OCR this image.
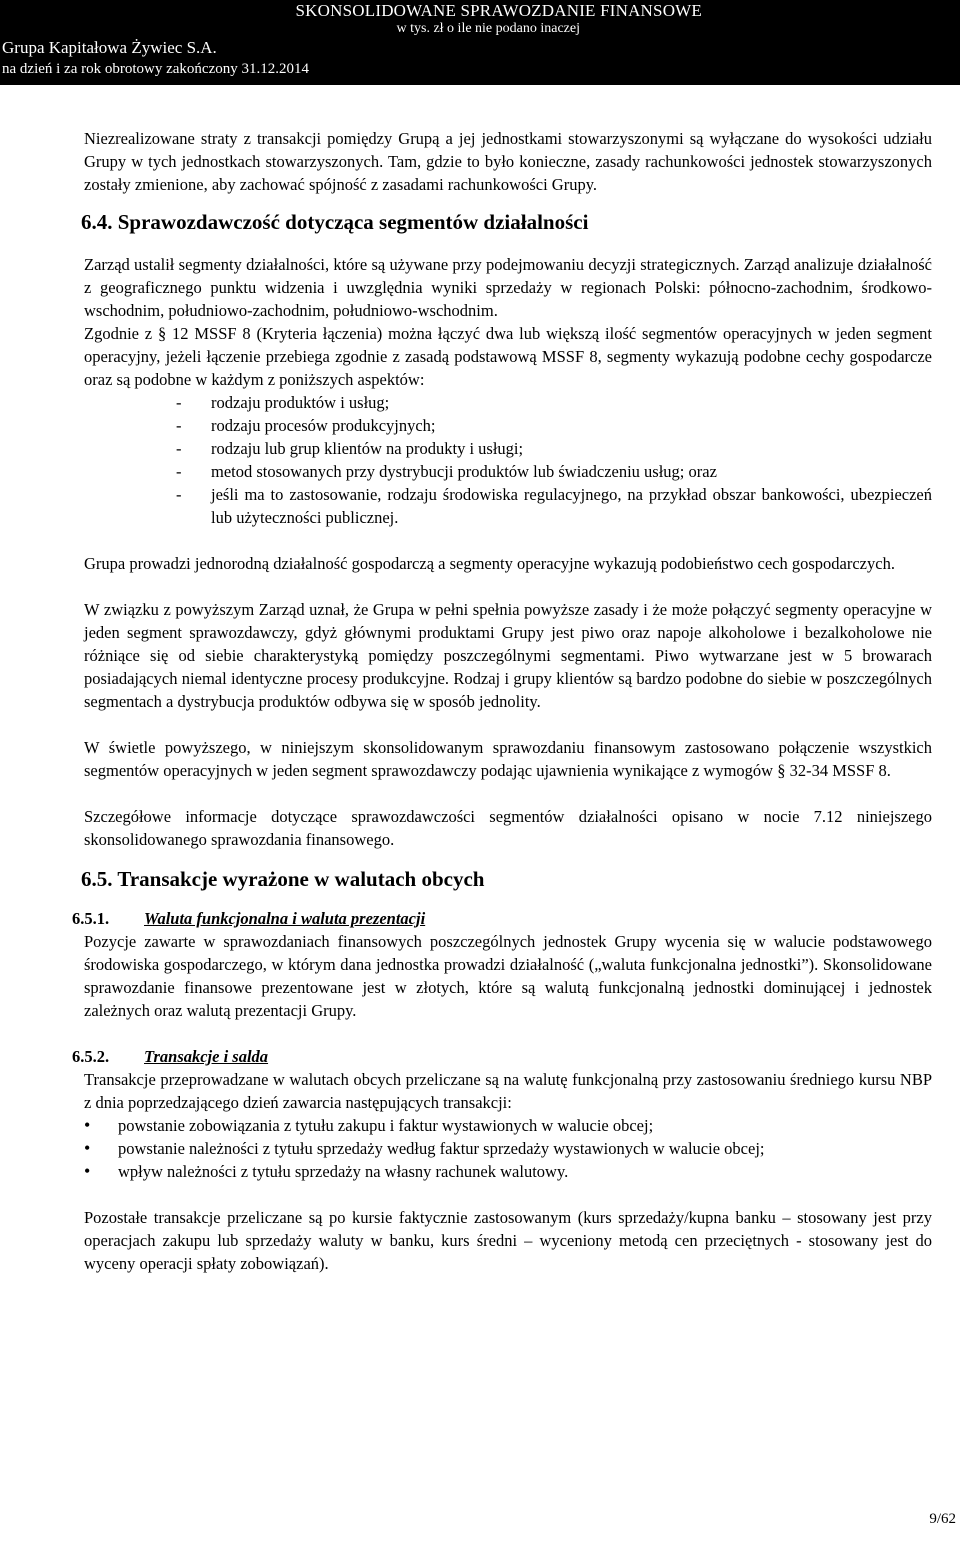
SKONSOLIDOWANE SPRAWOZDANIE FINANSOWE
w tys. zł o ile nie podano inaczej
Grupa Kapitałowa Żywiec S.A.
na dzień i za rok obrotowy zakończony 31.12.2014

Niezrealizowane straty z transakcji pomiędzy Grupą a jej jednostkami stowarzyszonymi są wyłączane do wysokości udziału Grupy w tych jednostkach stowarzyszonych. Tam, gdzie to było konieczne, zasady rachunkowości jednostek stowarzyszonych zostały zmienione, aby zachować spójność z zasadami rachunkowości Grupy.

6.4. Sprawozdawczość dotycząca segmentów działalności

Zarząd ustalił segmenty działalności, które są używane przy podejmowaniu decyzji strategicznych. Zarząd analizuje działalność z geograficznego punktu widzenia i uwzględnia wyniki sprzedaży w regionach Polski: północno-zachodnim, środkowo-wschodnim, południowo-zachodnim, południowo-wschodnim.

Zgodnie z § 12 MSSF 8 (Kryteria łączenia) można łączyć dwa lub większą ilość segmentów operacyjnych w jeden segment operacyjny, jeżeli łączenie przebiega zgodnie z zasadą podstawową MSSF 8, segmenty wykazują podobne cechy gospodarcze oraz są podobne w każdym z poniższych aspektów:

- rodzaju produktów i usług;
- rodzaju procesów produkcyjnych;
- rodzaju lub grup klientów na produkty i usługi;
- metod stosowanych przy dystrybucji produktów lub świadczeniu usług; oraz
- jeśli ma to zastosowanie, rodzaju środowiska regulacyjnego, na przykład obszar bankowości, ubezpieczeń lub użyteczności publicznej.

Grupa prowadzi jednorodną działalność gospodarczą a segmenty operacyjne wykazują podobieństwo cech gospodarczych.

W związku z powyższym Zarząd uznał, że Grupa w pełni spełnia powyższe zasady i że może połączyć segmenty operacyjne w jeden segment sprawozdawczy, gdyż głównymi produktami Grupy jest piwo oraz napoje alkoholowe i bezalkoholowe nie różniące się od siebie charakterystyką pomiędzy poszczególnymi segmentami. Piwo wytwarzane jest w 5 browarach posiadających niemal identyczne procesy produkcyjne. Rodzaj i grupy klientów są bardzo podobne do siebie w poszczególnych segmentach a dystrybucja produktów odbywa się w sposób jednolity.

W świetle powyższego, w niniejszym skonsolidowanym sprawozdaniu finansowym zastosowano połączenie wszystkich segmentów operacyjnych w jeden segment sprawozdawczy podając ujawnienia wynikające z wymogów § 32-34 MSSF 8.

Szczegółowe informacje dotyczące sprawozdawczości segmentów działalności opisano w nocie 7.12 niniejszego skonsolidowanego sprawozdania finansowego.

6.5. Transakcje wyrażone w walutach obcych
6.5.1. Waluta funkcjonalna i waluta prezentacji

Pozycje zawarte w sprawozdaniach finansowych poszczególnych jednostek Grupy wycenia się w walucie podstawowego środowiska gospodarczego, w którym dana jednostka prowadzi działalność („waluta funkcjonalna jednostki”). Skonsolidowane sprawozdanie finansowe prezentowane jest w złotych, które są walutą funkcjonalną jednostki dominującej i jednostek zależnych oraz walutą prezentacji Grupy.

6.5.2. Transakcje i salda

Transakcje przeprowadzane w walutach obcych przeliczane są na walutę funkcjonalną przy zastosowaniu średniego kursu NBP z dnia poprzedzającego dzień zawarcia następujących transakcji:

• powstanie zobowiązania z tytułu zakupu i faktur wystawionych w walucie obcej;
• powstanie należności z tytułu sprzedaży według faktur sprzedaży wystawionych w walucie obcej;
• wpływ należności z tytułu sprzedaży na własny rachunek walutowy.

Pozostałe transakcje przeliczane są po kursie faktycznie zastosowanym (kurs sprzedaży/kupna banku – stosowany jest przy operacjach zakupu lub sprzedaży waluty w banku, kurs średni – wyceniony metodą cen przeciętnych - stosowany jest do wyceny operacji spłaty zobowiązań).

9/62
